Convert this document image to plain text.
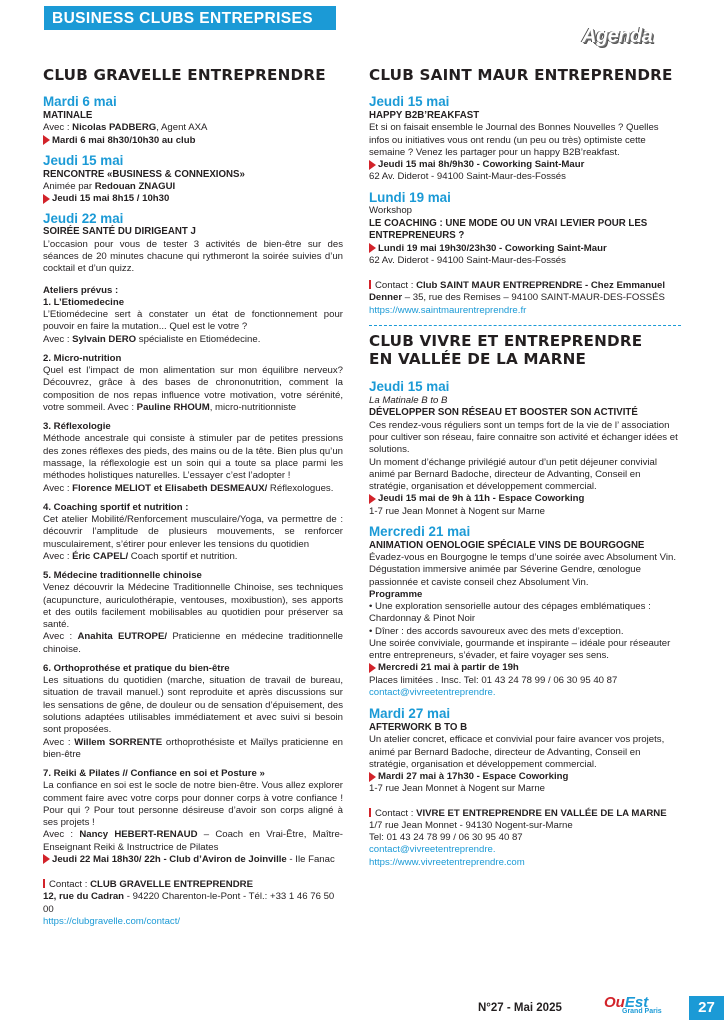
BUSINESS CLUBS ENTREPRISES
Agenda
CLUB GRAVELLE ENTREPRENDRE
Mardi 6 mai
MATINALE
Avec : Nicolas PADBERG, Agent AXA
Mardi 6 mai 8h30/10h30 au club
Jeudi 15 mai
RENCONTRE «BUSINESS & CONNEXIONS»
Animée par Redouan ZNAGUI
Jeudi 15 mai 8h15 / 10h30
Jeudi 22 mai
SOIRÉE SANTÉ DU DIRIGEANT J
L’occasion pour vous de tester 3 activités de bien-être sur des séances de 20 minutes chacune qui rythmeront la soirée suivies d’un cocktail et d’un quizz.
Ateliers prévus :
1. L’Etiomedecine
L’Etiomédecine sert à constater un état de fonctionnement pour pouvoir en faire la mutation... Quel est le votre ?
Avec : Sylvain DERO spécialiste en Etiomédecine.
2. Micro-nutrition
Quel est l’impact de mon alimentation sur mon équilibre nerveux? Découvrez, grâce à des bases de chrononutrition, comment la composition de nos repas influence votre motivation, votre sérénité, votre sommeil. Avec : Pauline RHOUM, micro-nutritionniste
3. Réflexologie
Méthode ancestrale qui consiste à stimuler par de petites pressions des zones réflexes des pieds, des mains ou de la tête. Bien plus qu’un massage, la réflexologie est un soin qui a toute sa place parmi les méthodes holistiques naturelles. L’essayer c’est l’adopter !
Avec : Florence MELIOT et Elisabeth DESMEAUX/ Réflexologues.
4. Coaching sportif et nutrition :
Cet atelier Mobilité/Renforcement musculaire/Yoga, va permettre de : découvrir l’amplitude de plusieurs mouvements, se renforcer musculairement, s’étirer pour enlever les tensions du quotidien
Avec : Éric CAPEL/ Coach sportif et nutrition.
5. Médecine traditionnelle chinoise
Venez découvrir la Médecine Traditionnelle Chinoise, ses techniques (acupuncture, auriculothérapie, ventouses, moxibustion), ses apports et des outils facilement mobilisables au quotidien pour préserver sa santé.
Avec : Anahita EUTROPE/ Praticienne en médecine traditionnelle chinoise.
6. Orthoprothése et pratique du bien-être
Les situations du quotidien (marche, situation de travail de bureau, situation de travail manuel.) sont reproduite et après discussions sur les sensations de gêne, de douleur ou de sensation d’épuisement, des solutions adaptées utilisables immédiatement et avec suivi si besoin sont proposées.
Avec : Willem SORRENTE orthoprothésiste et Maïlys praticienne en bien-être
7. Reiki & Pilates // Confiance en soi et Posture »
La confiance en soi est le socle de notre bien-être. Vous allez explorer comment faire avec votre corps pour donner corps à votre confiance ! Pour qui ? Pour tout personne désireuse d’avoir son corps aligné à ses projets !
Avec : Nancy HEBERT-RENAUD – Coach en Vrai-Être, Maître-Enseignant Reiki & Instructrice de Pilates
Jeudi 22 Mai 18h30/ 22h - Club d’Aviron de Joinville - Ile Fanac
Contact : CLUB GRAVELLE ENTREPRENDRE
12, rue du Cadran - 94220 Charenton-le-Pont - Tél.: +33 1 46 76 50 00
https://clubgravelle.com/contact/
CLUB SAINT MAUR ENTREPRENDRE
Jeudi 15 mai
HAPPY B2B’REAKFAST
Et si on faisait ensemble le Journal des Bonnes Nouvelles ? Quelles infos ou initiatives vous ont rendu (un peu ou très) optimiste cette semaine ? Venez les partager pour un happy B2B’reakfast.
Jeudi 15 mai 8h/9h30 - Coworking Saint-Maur
62 Av. Diderot - 94100 Saint-Maur-des-Fossés
Lundi 19 mai
Workshop
LE COACHING : UNE MODE OU UN VRAI LEVIER POUR LES ENTREPRENEURS ?
Lundi 19 mai 19h30/23h30 - Coworking Saint-Maur
62 Av. Diderot - 94100 Saint-Maur-des-Fossés
Contact : Club SAINT MAUR ENTREPRENDRE - Chez Emmanuel Denner – 35, rue des Remises – 94100 SAINT-MAUR-DES-FOSSÉS
https://www.saintmaurentreprendre.fr
CLUB VIVRE ET ENTREPRENDRE
EN VALLÉE DE LA MARNE
Jeudi 15 mai
La Matinale B to B
DÉVELOPPER SON RÉSEAU ET BOOSTER SON ACTIVITÉ
Ces rendez-vous réguliers sont un temps fort de la vie de l’ association pour cultiver son réseau, faire connaitre son activité et échanger idées et solutions.
Un moment d’échange privilégié autour d’un petit déjeuner convivial animé par Bernard Badoche, directeur de Advanting, Conseil en stratégie, organisation et développement commercial.
Jeudi 15 mai de 9h à 11h - Espace Coworking
1-7 rue Jean Monnet à Nogent sur Marne
Mercredi 21 mai
ANIMATION OENOLOGIE SPÉCIALE VINS DE BOURGOGNE
Évadez-vous en Bourgogne le temps d’une soirée avec Absolument Vin. Dégustation immersive animée par Séverine Gendre, œnologue passionnée et caviste conseil chez Absolument Vin.
Programme
• Une exploration sensorielle autour des cépages emblématiques : Chardonnay & Pinot Noir
• Dîner : des accords savoureux avec des mets d’exception.
Une soirée conviviale, gourmande et inspirante – idéale pour réseauter entre entrepreneurs, s’évader, et faire voyager ses sens.
Mercredi 21 mai à partir de 19h
Places limitées . Insc. Tel: 01 43 24 78 99 / 06 30 95 40 87
contact@vivreetentreprendre.
Mardi 27 mai
AFTERWORK B TO B
Un atelier concret, efficace et convivial pour faire avancer vos projets, animé par Bernard Badoche, directeur de Advanting, Conseil en stratégie, organisation et développement commercial.
Mardi 27 mai à 17h30 - Espace Coworking
1-7 rue Jean Monnet à Nogent sur Marne
Contact : VIVRE ET ENTREPRENDRE EN VALLÉE DE LA MARNE
1/7 rue Jean Monnet - 94130 Nogent-sur-Marne
Tel: 01 43 24 78 99 / 06 30 95 40 87
contact@vivreetentreprendre.
https://www.vivreetentreprendre.com
N°27 - Mai 2025	OuEst
Grand Paris	27
